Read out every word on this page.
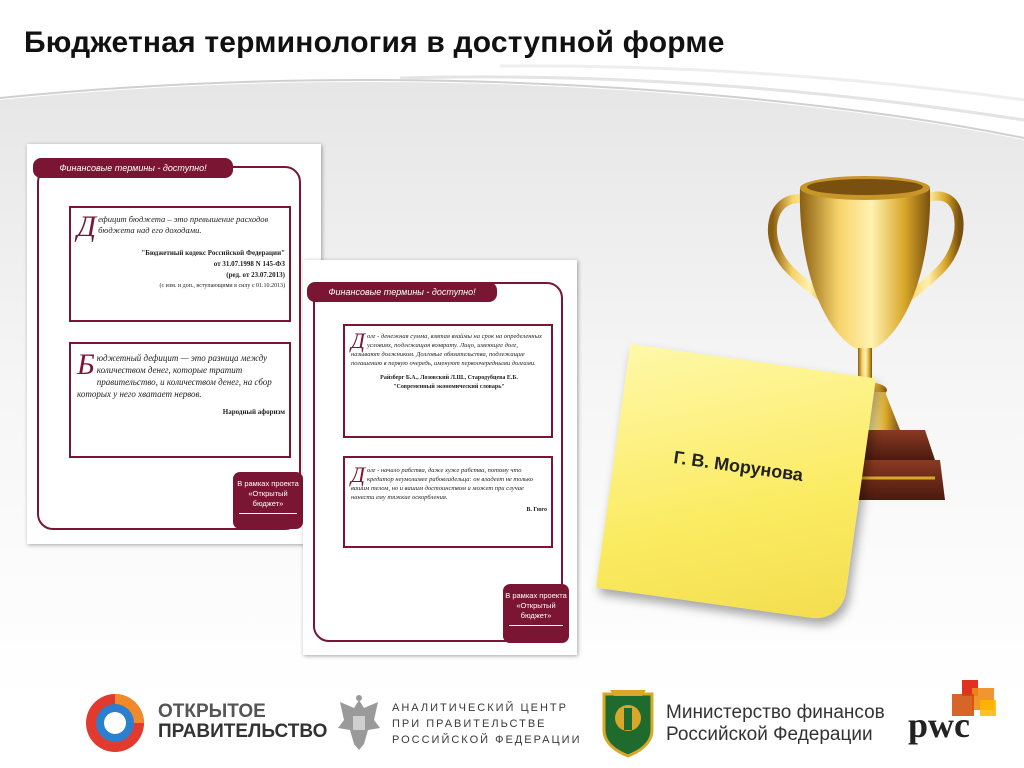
Бюджетная терминология в доступной форме
Финансовые термины - доступно!
Дефицит бюджета – это превышение расходов бюджета над его доходами.
"Бюджетный кодекс Российской Федерации"
от 31.07.1998 N 145-ФЗ
(ред. от 23.07.2013)
(с изм. и доп., вступающими в силу с 01.10.2013)
Бюджетный дефицит — это разница между количеством денег, которые тратит правительство, и количеством денег, на сбор которых у него хватает нервов.
Народный афоризм
В рамках проекта
«Открытый
бюджет»
Финансовые термины - доступно!
Долг - денежная сумма, взятая взаймы на срок на определенных условиях, подлежащая возврату. Лицо, имеющее долг, называют должником. Долговые обязательства, подлежащие погашению в первую очередь, именуют первоочередными долгами.
Райзберг Б.А., Лозовский Л.Ш., Стародубцева Е.Б.
"Современный экономический словарь"
Долг - начало рабства, даже хуже рабства, потому что кредитор неумолимее рабовладельца: он владеет не только вашим телом, но и вашим достоинством и может при случае нанести ему тяжкие оскорбления.
В. Гюго
В рамках проекта
«Открытый
бюджет»
Г. В. Морунова
ОТКРЫТОЕ
ПРАВИТЕЛЬСТВО
АНАЛИТИЧЕСКИЙ ЦЕНТР
ПРИ ПРАВИТЕЛЬСТВЕ
РОССИЙСКОЙ ФЕДЕРАЦИИ
Министерство финансов
Российской Федерации pwc
